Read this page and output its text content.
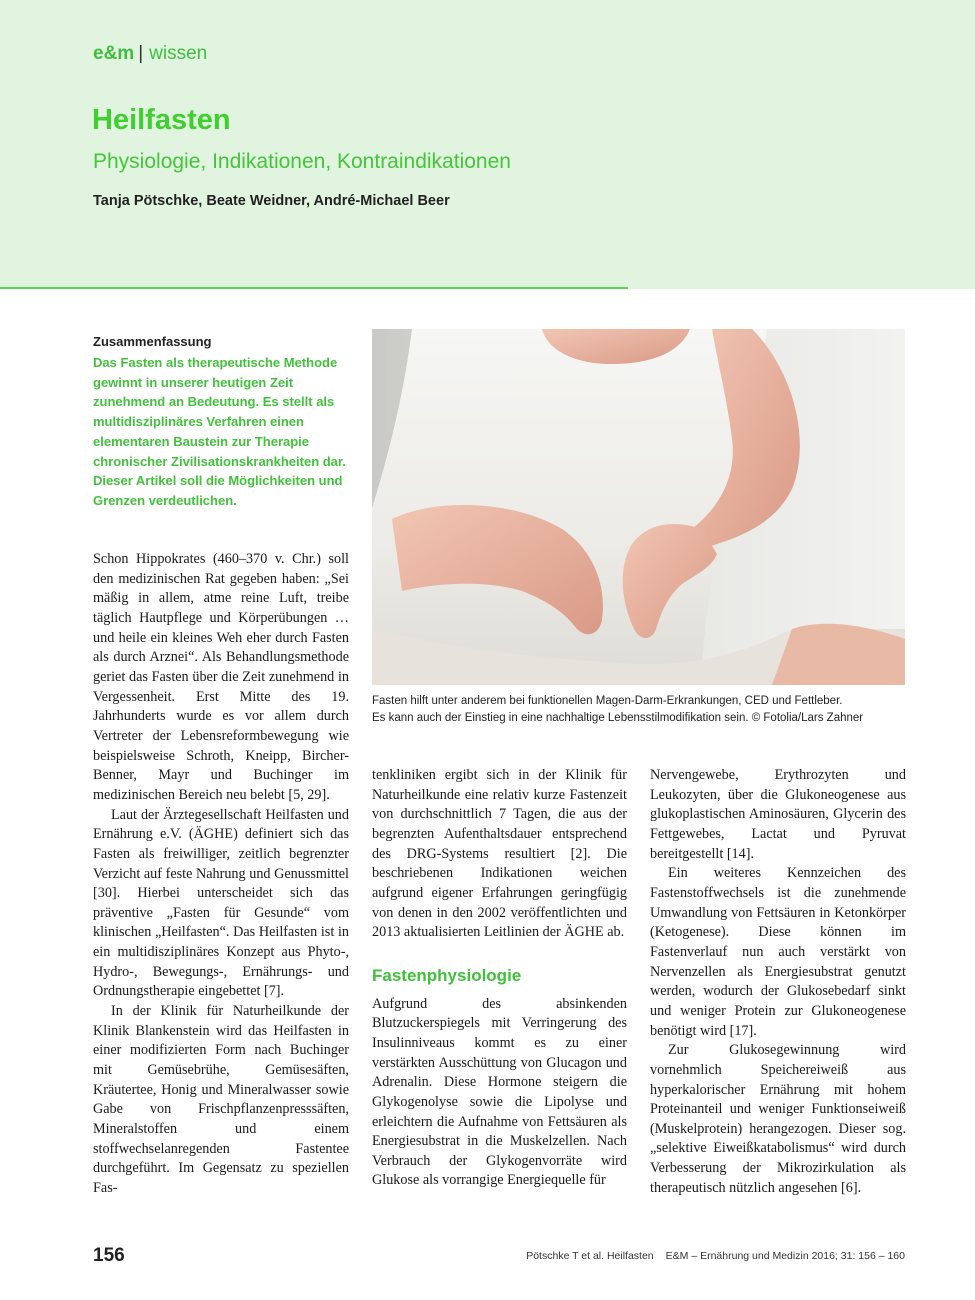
e&m | wissen
Heilfasten
Physiologie, Indikationen, Kontraindikationen
Tanja Pötschke, Beate Weidner, André-Michael Beer
Zusammenfassung
Das Fasten als therapeutische Methode gewinnt in unserer heutigen Zeit zunehmend an Bedeutung. Es stellt als multidisziplinäres Verfahren einen elementaren Baustein zur Therapie chronischer Zivilisationskrankheiten dar. Dieser Artikel soll die Möglichkeiten und Grenzen verdeutlichen.
Fasten hilft unter anderem bei funktionellen Magen-Darm-Erkrankungen, CED und Fettleber.
Es kann auch der Einstieg in eine nachhaltige Lebensstilmodifikation sein. © Fotolia/Lars Zahner

Schon Hippokrates (460–370 v. Chr.) soll den medizinischen Rat gegeben haben: „Sei mäßig in allem, atme reine Luft, treibe täglich Hautpflege und Körperübungen … und heile ein kleines Weh eher durch Fasten als durch Arznei“. Als Behandlungsmethode geriet das Fasten über die Zeit zunehmend in Vergessenheit. Erst Mitte des 19. Jahrhunderts wurde es vor allem durch Vertreter der Lebensreformbewegung wie beispielsweise Schroth, Kneipp, Bircher-Benner, Mayr und Buchinger im medizinischen Bereich neu belebt [5, 29].

Laut der Ärztegesellschaft Heilfasten und Ernährung e.V. (ÄGHE) definiert sich das Fasten als freiwilliger, zeitlich begrenzter Verzicht auf feste Nahrung und Genussmittel [30]. Hierbei unterscheidet sich das präventive „Fasten für Gesunde“ vom klinischen „Heilfasten“. Das Heilfasten ist in ein multidisziplinäres Konzept aus Phyto-, Hydro-, Bewegungs-, Ernährungs- und Ordnungstherapie eingebettet [7].

In der Klinik für Naturheilkunde der Klinik Blankenstein wird das Heilfasten in einer modifizierten Form nach Buchinger mit Gemüsebrühe, Gemüsesäften, Kräutertee, Honig und Mineralwasser sowie Gabe von Frischpflanzenpresssäften, Mineralstoffen und einem stoffwechselanregenden Fastentee durchgeführt. Im Gegensatz zu speziellen Fas-

tenkliniken ergibt sich in der Klinik für Naturheilkunde eine relativ kurze Fastenzeit von durchschnittlich 7 Tagen, die aus der begrenzten Aufenthaltsdauer entsprechend des DRG-Systems resultiert [2]. Die beschriebenen Indikationen weichen aufgrund eigener Erfahrungen geringfügig von denen in den 2002 veröffentlichten und 2013 aktualisierten Leitlinien der ÄGHE ab.

Fastenphysiologie

Aufgrund des absinkenden Blutzuckerspiegels mit Verringerung des Insulinniveaus kommt es zu einer verstärkten Ausschüttung von Glucagon und Adrenalin. Diese Hormone steigern die Glykogenolyse sowie die Lipolyse und erleichtern die Aufnahme von Fettsäuren als Energiesubstrat in die Muskelzellen. Nach Verbrauch der Glykogenvorräte wird Glukose als vorrangige Energiequelle für

Nervengewebe, Erythrozyten und Leukozyten, über die Glukoneogenese aus glukoplastischen Aminosäuren, Glycerin des Fettgewebes, Lactat und Pyruvat bereitgestellt [14].

Ein weiteres Kennzeichen des Fastenstoffwechsels ist die zunehmende Umwandlung von Fettsäuren in Ketonkörper (Ketogenese). Diese können im Fastenverlauf nun auch verstärkt von Nervenzellen als Energiesubstrat genutzt werden, wodurch der Glukosebedarf sinkt und weniger Protein zur Glukoneogenese benötigt wird [17].

Zur Glukosegewinnung wird vornehmlich Speichereiweiß aus hyperkalorischer Ernährung mit hohem Proteinanteil und weniger Funktionseiweiß (Muskelprotein) herangezogen. Dieser sog. „selektive Eiweißkatabolismus“ wird durch Verbesserung der Mikrozirkulation als therapeutisch nützlich angesehen [6].

156	Pötschke T et al. Heilfasten E&M – Ernährung und Medizin 2016; 31: 156 – 160
